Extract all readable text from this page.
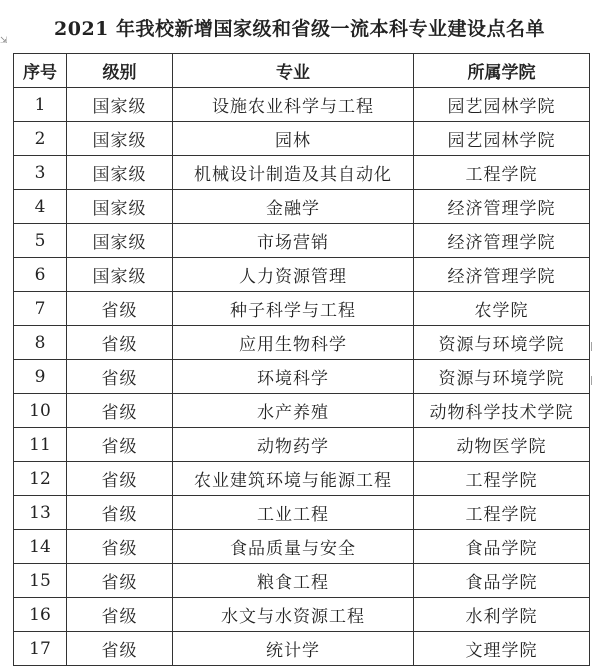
2021 年我校新增国家级和省级一流本科专业建设点名单
⇲
|
|
序号	级别	专业	所属学院
1	国家级	设施农业科学与工程	园艺园林学院
2	国家级	园林	园艺园林学院
3	国家级	机械设计制造及其自动化	工程学院
4	国家级	金融学	经济管理学院
5	国家级	市场营销	经济管理学院
6	国家级	人力资源管理	经济管理学院
7	省级	种子科学与工程	农学院
8	省级	应用生物科学	资源与环境学院
9	省级	环境科学	资源与环境学院
10	省级	水产养殖	动物科学技术学院
11	省级	动物药学	动物医学院
12	省级	农业建筑环境与能源工程	工程学院
13	省级	工业工程	工程学院
14	省级	食品质量与安全	食品学院
15	省级	粮食工程	食品学院
16	省级	水文与水资源工程	水利学院
17	省级	统计学	文理学院
